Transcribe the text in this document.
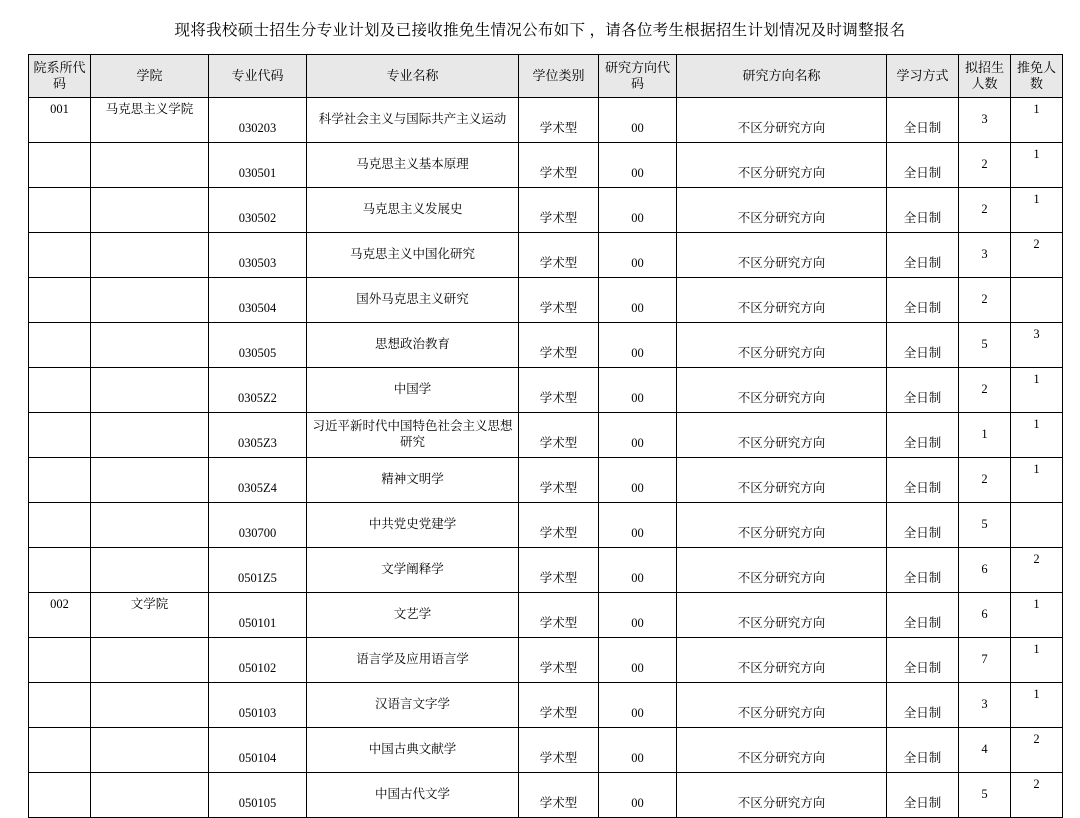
现将我校硕士招生分专业计划及已接收推免生情况公布如下 ，请各位考生根据招生计划情况及时调整报名
院系所代码	学院	专业代码	专业名称	学位类别	研究方向代码	研究方向名称	学习方式	拟招生人数	推免人数

001	马克思主义学院	030203	科学社会主义与国际共产主义运动	学术型	00	不区分研究方向	全日制	3	1

		030501	马克思主义基本原理	学术型	00	不区分研究方向	全日制	2	1

		030502	马克思主义发展史	学术型	00	不区分研究方向	全日制	2	1

		030503	马克思主义中国化研究	学术型	00	不区分研究方向	全日制	3	2

		030504	国外马克思主义研究	学术型	00	不区分研究方向	全日制	2	

		030505	思想政治教育	学术型	00	不区分研究方向	全日制	5	3

		0305Z2	中国学	学术型	00	不区分研究方向	全日制	2	1

		0305Z3	习近平新时代中国特色社会主义思想研究	学术型	00	不区分研究方向	全日制	1	1

		0305Z4	精神文明学	学术型	00	不区分研究方向	全日制	2	1

		030700	中共党史党建学	学术型	00	不区分研究方向	全日制	5	

		0501Z5	文学阐释学	学术型	00	不区分研究方向	全日制	6	2

002	文学院	050101	文艺学	学术型	00	不区分研究方向	全日制	6	1

		050102	语言学及应用语言学	学术型	00	不区分研究方向	全日制	7	1

		050103	汉语言文字学	学术型	00	不区分研究方向	全日制	3	1

		050104	中国古典文献学	学术型	00	不区分研究方向	全日制	4	2

		050105	中国古代文学	学术型	00	不区分研究方向	全日制	5	2
